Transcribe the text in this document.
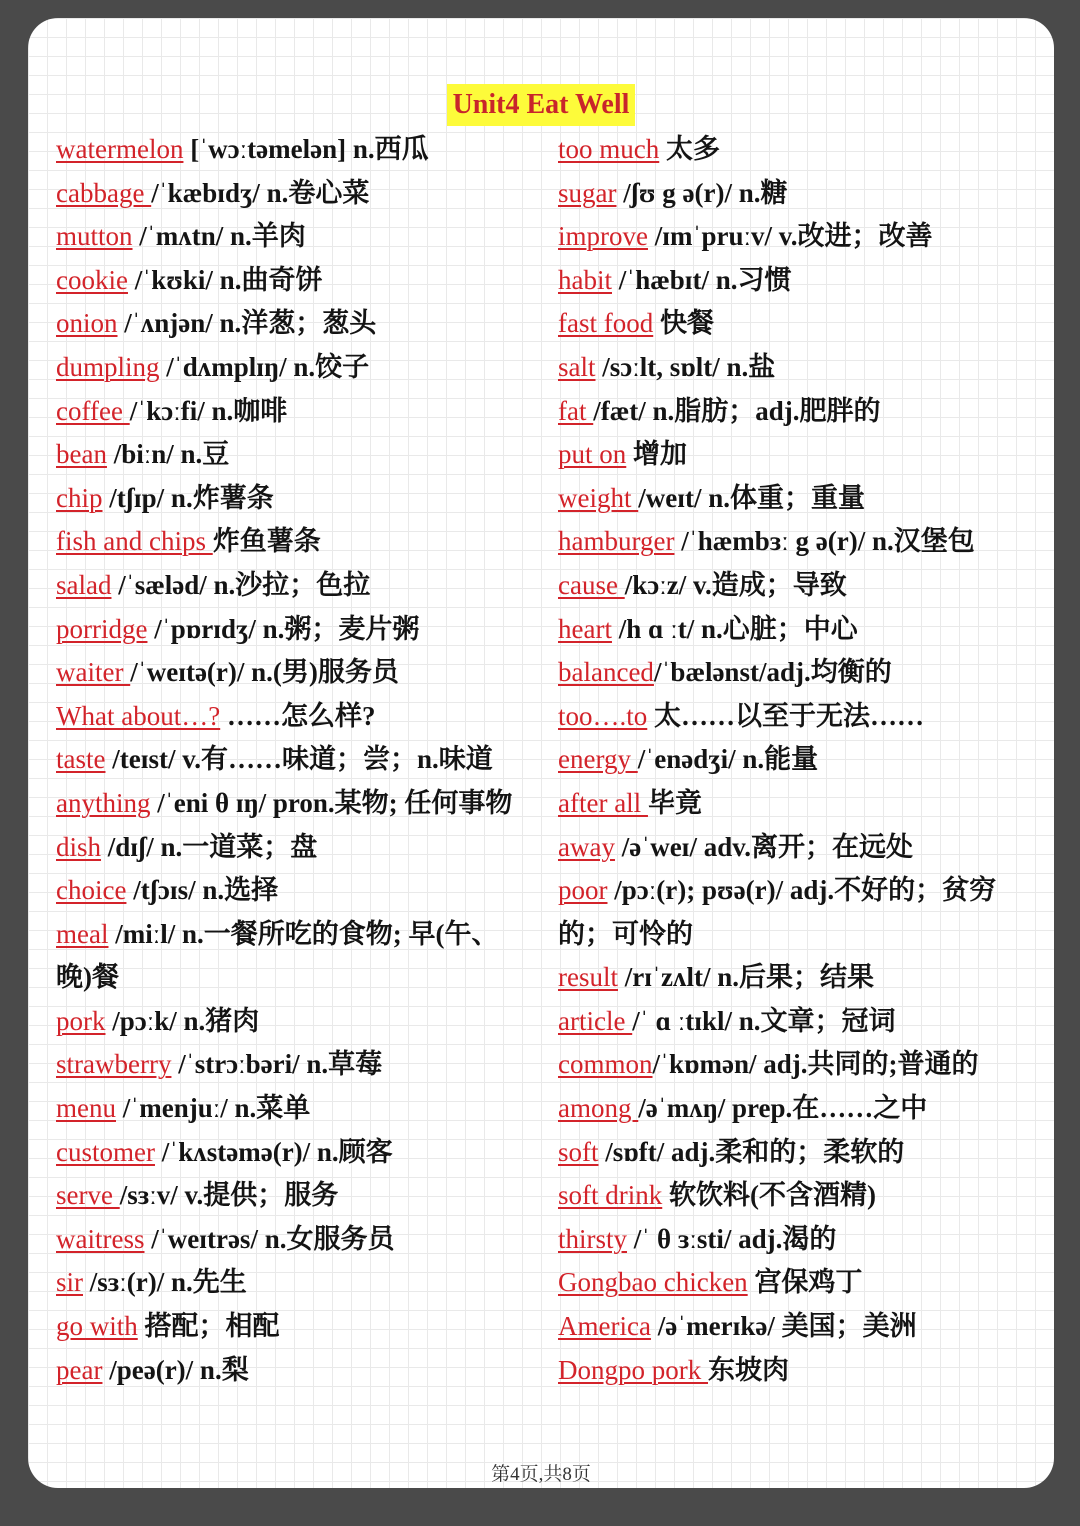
Unit4 Eat Well
watermelon [ˈwɔːtəmelən] n.西瓜
cabbage /ˈkæbɪdʒ/ n.卷心菜
mutton /ˈmʌtn/ n.羊肉
cookie /ˈkʊki/ n.曲奇饼
onion /ˈʌnjən/ n.洋葱；葱头
dumpling /ˈdʌmplɪŋ/ n.饺子
coffee /ˈkɔːfi/ n.咖啡
bean /biːn/ n.豆
chip /tʃɪp/ n.炸薯条
fish and chips 炸鱼薯条
salad /ˈsæləd/ n.沙拉；色拉
porridge /ˈpɒrɪdʒ/ n.粥；麦片粥
waiter /ˈweɪtə(r)/ n.(男)服务员
What about…? ……怎么样?
taste /teɪst/ v.有……味道；尝；n.味道
anything /ˈeni θ ɪŋ/ pron.某物; 任何事物
dish /dɪʃ/ n.一道菜；盘
choice /tʃɔɪs/ n.选择
meal /miːl/ n.一餐所吃的食物; 早(午、晚)餐
pork /pɔːk/ n.猪肉
strawberry /ˈstrɔːbəri/ n.草莓
menu /ˈmenjuː/ n.菜单
customer /ˈkʌstəmə(r)/ n.顾客
serve /sɜːv/ v.提供；服务
waitress /ˈweɪtrəs/ n.女服务员
sir /sɜː(r)/ n.先生
go with 搭配；相配
pear /peə(r)/ n.梨
too much 太多
sugar /ʃʊ g ə(r)/ n.糖
improve /ɪmˈpruːv/ v.改进；改善
habit /ˈhæbɪt/ n.习惯
fast food 快餐
salt /sɔːlt, sɒlt/ n.盐
fat /fæt/ n.脂肪；adj.肥胖的
put on 增加
weight /weɪt/ n.体重；重量
hamburger /ˈhæmbɜː g ə(r)/ n.汉堡包
cause /kɔːz/ v.造成；导致
heart /h ɑ ːt/ n.心脏；中心
balanced/ˈbælənst/adj.均衡的
too….to 太……以至于无法……
energy /ˈenədʒi/ n.能量
after all 毕竟
away /əˈweɪ/ adv.离开；在远处
poor /pɔː(r); pʊə(r)/ adj.不好的；贫穷的；可怜的
result /rɪˈzʌlt/ n.后果；结果
article /ˈ ɑ ːtɪkl/ n.文章；冠词
common/ˈkɒmən/ adj.共同的;普通的
among /əˈmʌŋ/ prep.在……之中
soft /sɒft/ adj.柔和的；柔软的
soft drink 软饮料(不含酒精)
thirsty /ˈ θ ɜːsti/ adj.渴的
Gongbao chicken 宫保鸡丁
America /əˈmerɪkə/ 美国；美洲
Dongpo pork 东坡肉
第4页,共8页
